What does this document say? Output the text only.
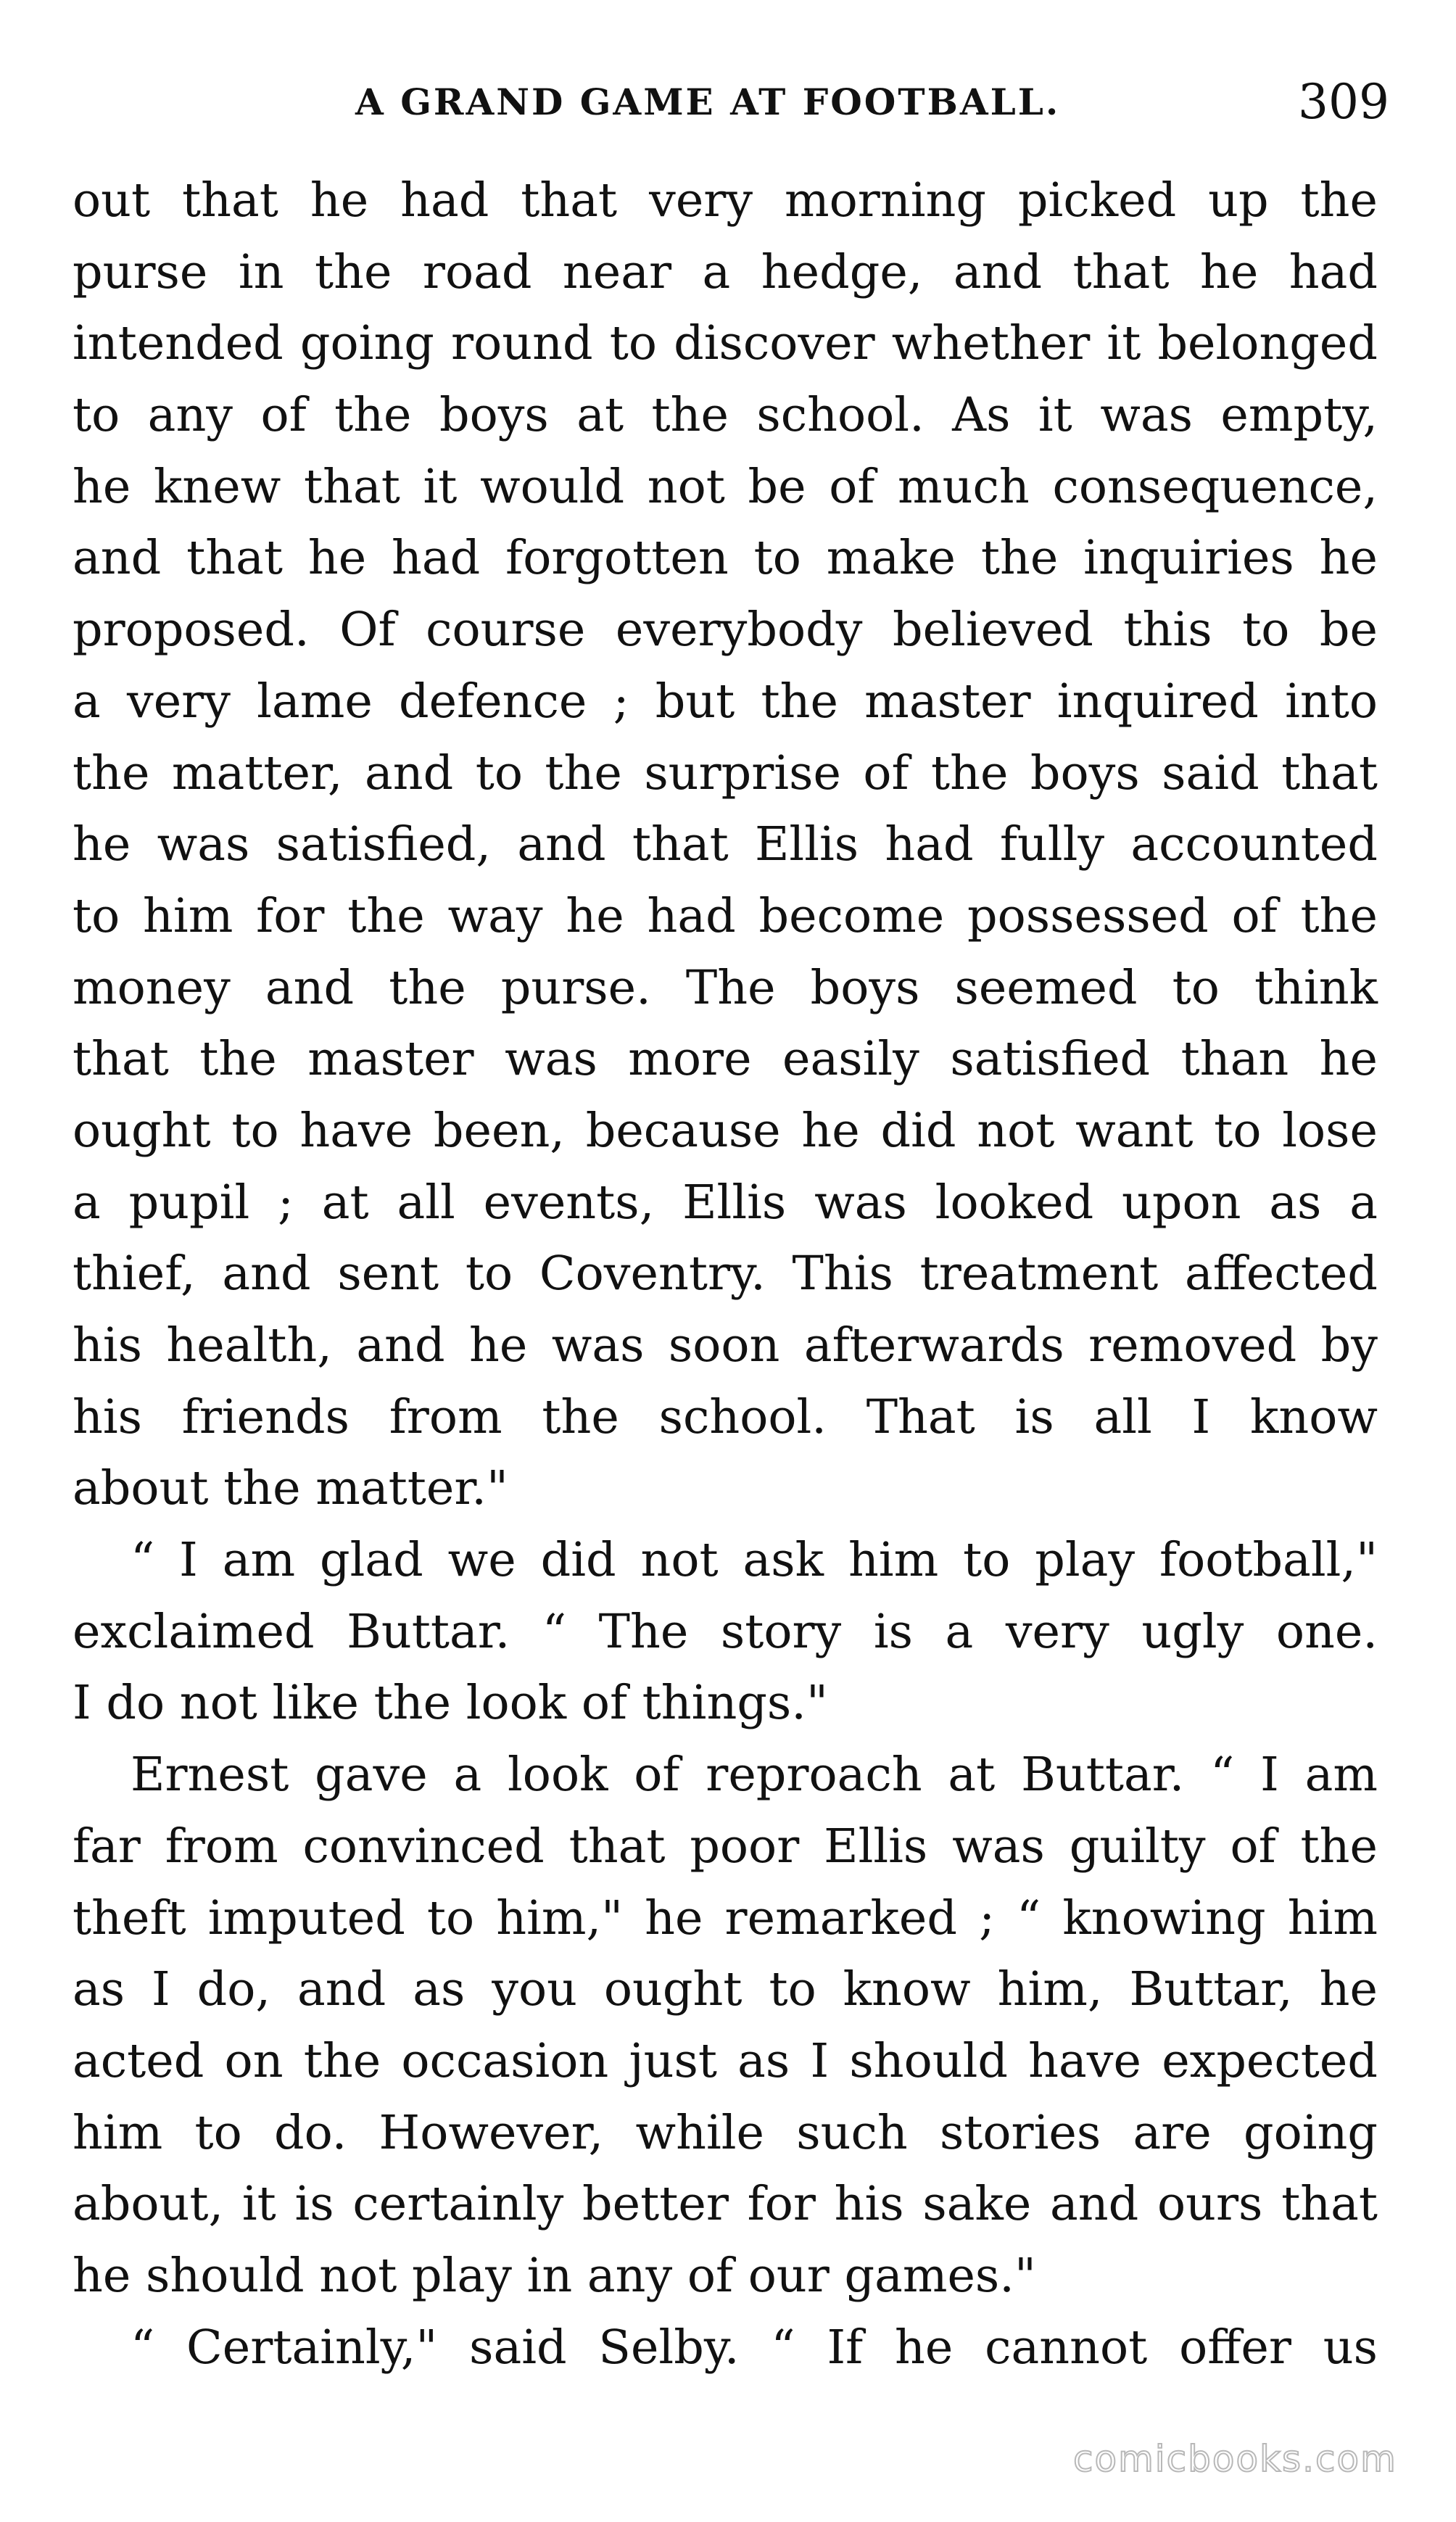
A GRAND GAME AT FOOTBALL.	309
out that he had that very morning picked up the
purse in the road near a hedge, and that he had
intended going round to discover whether it belonged
to any of the boys at the school. As it was empty,
he knew that it would not be of much consequence,
and that he had forgotten to make the inquiries he
proposed. Of course everybody believed this to be
a very lame defence ; but the master inquired into
the matter, and to the surprise of the boys said that
he was satisfied, and that Ellis had fully accounted
to him for the way he had become possessed of the
money and the purse. The boys seemed to think
that the master was more easily satisfied than he
ought to have been, because he did not want to lose
a pupil ; at all events, Ellis was looked upon as a
thief, and sent to Coventry. This treatment affected
his health, and he was soon afterwards removed by
his friends from the school. That is all I know
about the matter."
“ I am glad we did not ask him to play football,"
exclaimed Buttar. “ The story is a very ugly one.
I do not like the look of things."
Ernest gave a look of reproach at Buttar. “ I am
far from convinced that poor Ellis was guilty of the
theft imputed to him," he remarked ; “ knowing him
as I do, and as you ought to know him, Buttar, he
acted on the occasion just as I should have expected
him to do. However, while such stories are going
about, it is certainly better for his sake and ours that
he should not play in any of our games."
“ Certainly," said Selby. “ If he cannot offer us
comicbooks.com
